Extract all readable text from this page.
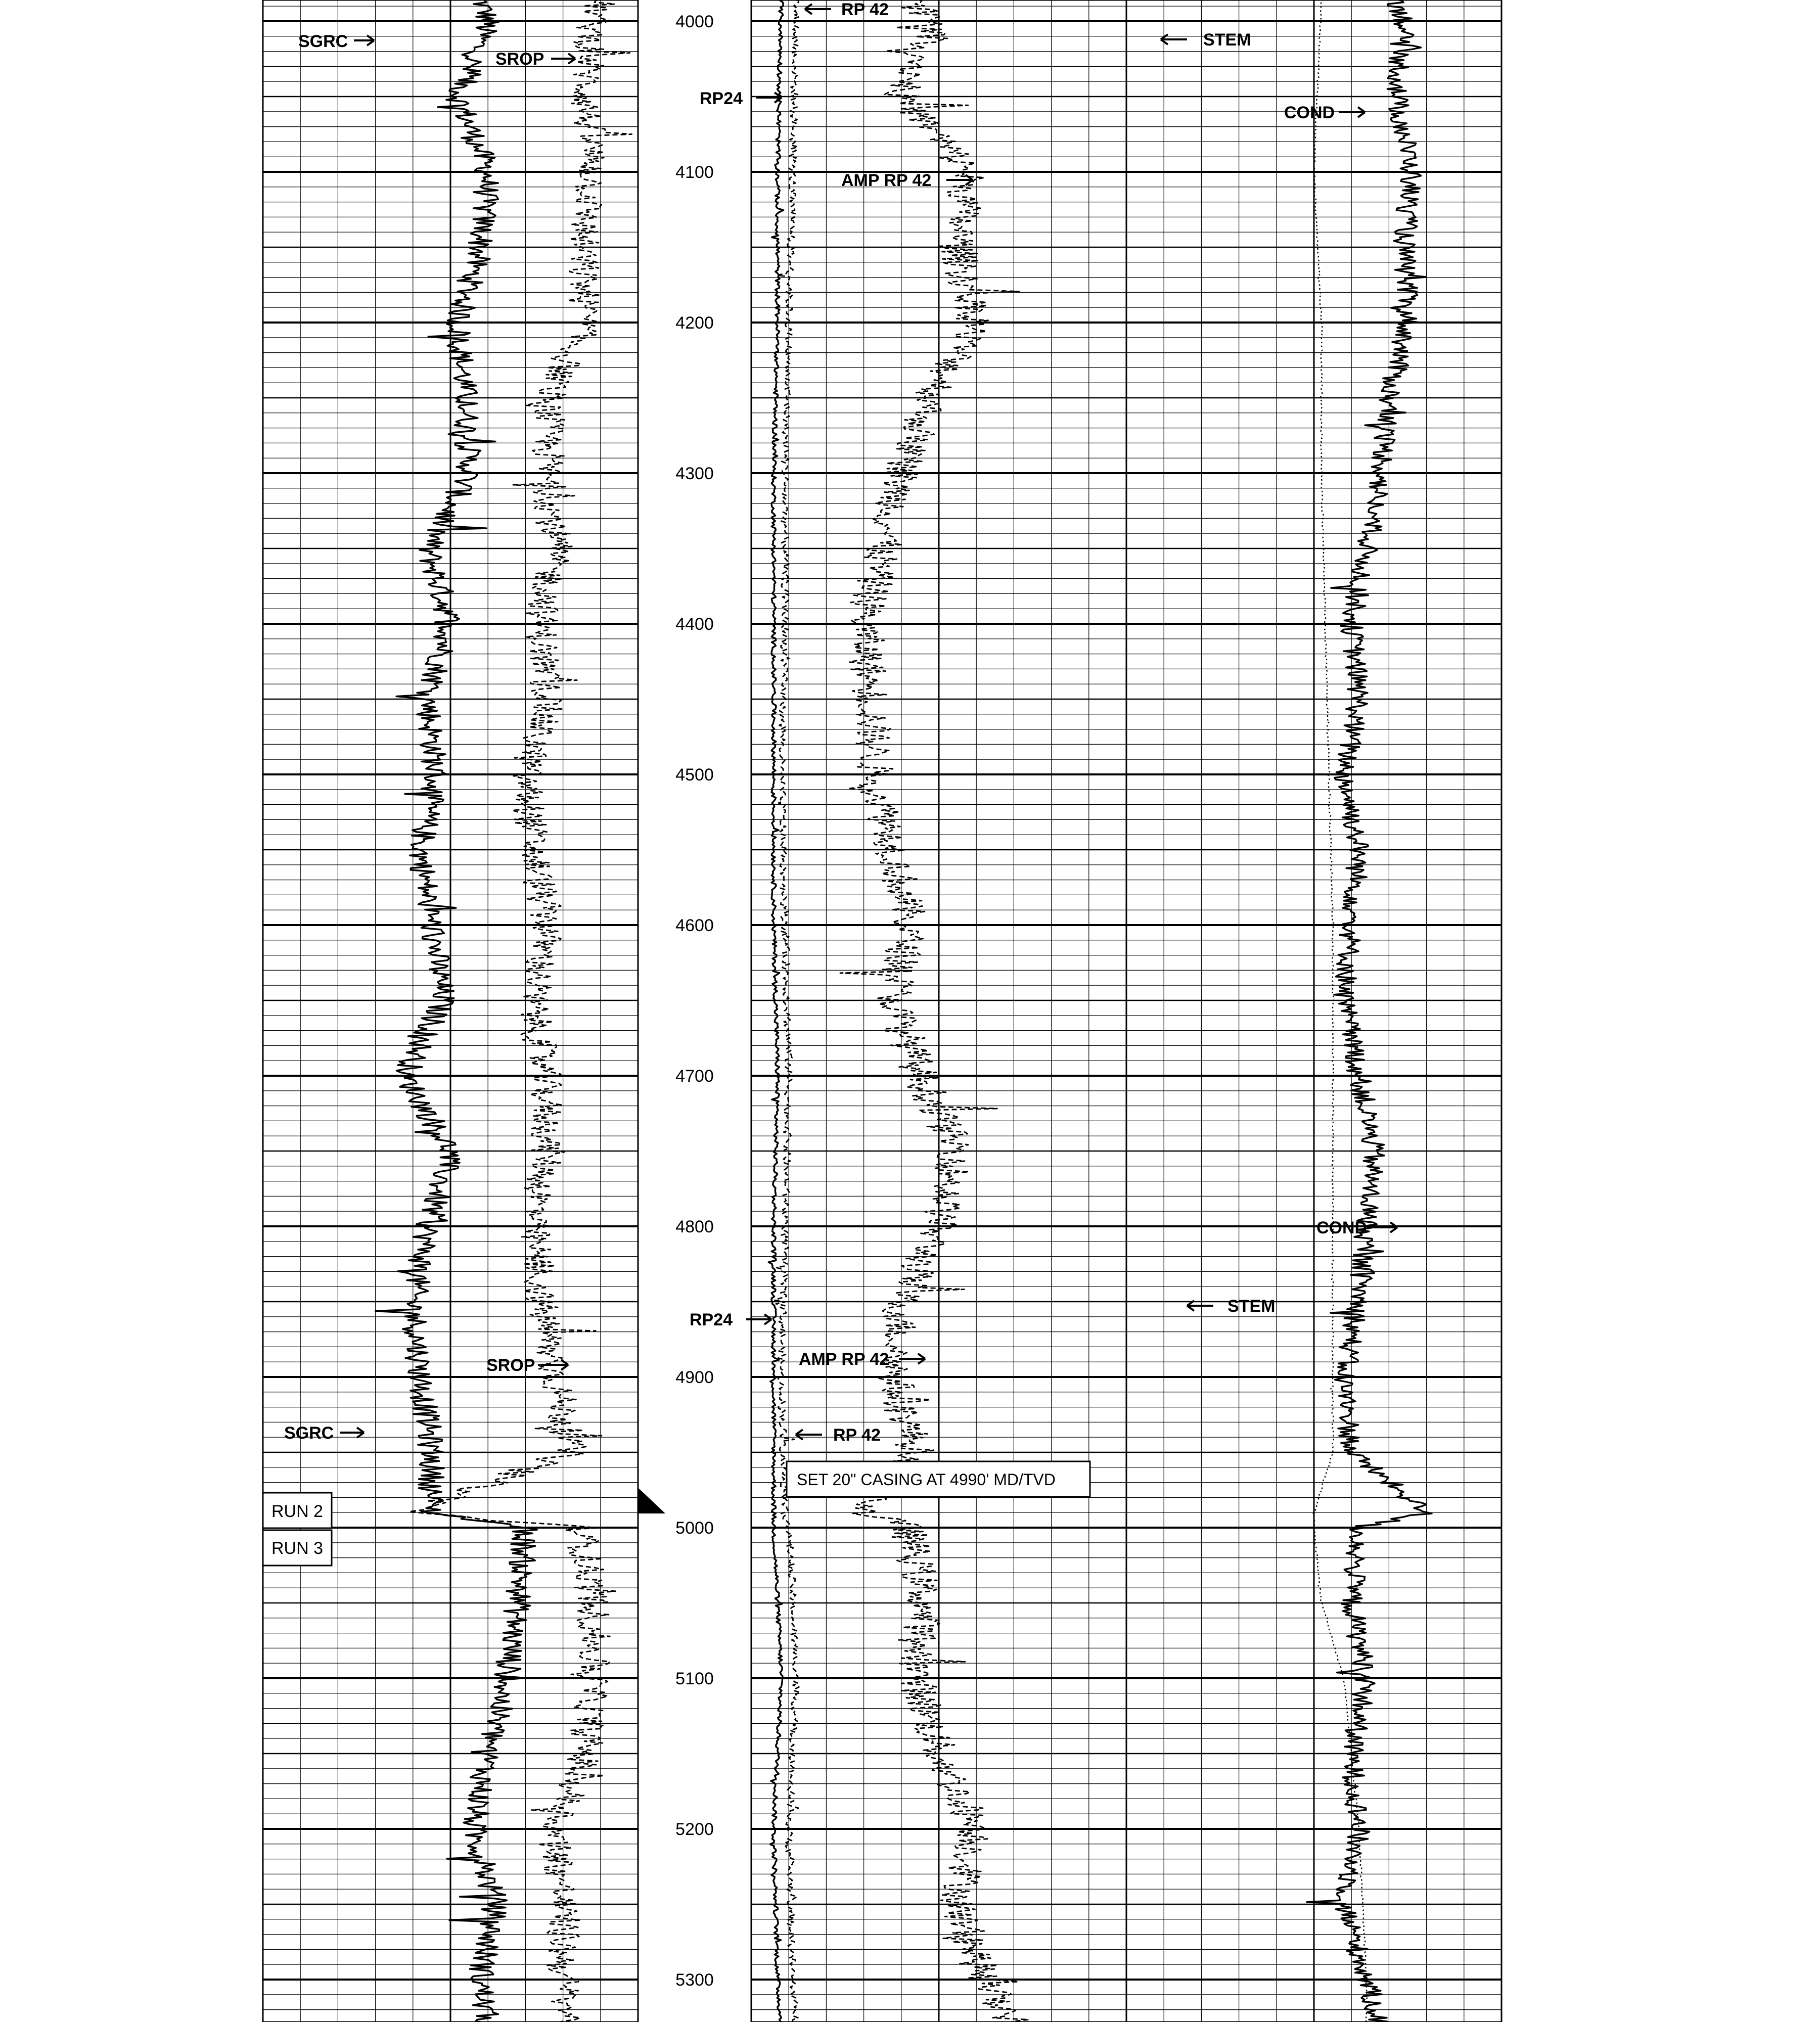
4000
4100
4200
4300
4400
4500
4600
4700
4800
4900
5000
5100
5200
5300
RUN 2
RUN 3
SET 20" CASING AT 4990' MD/TVD
SGRC
SROP
SGRC
SROP
RP 42
RP24
AMP RP 42
RP24
AMP RP 42
RP 42
STEM
STEM
COND
COND
